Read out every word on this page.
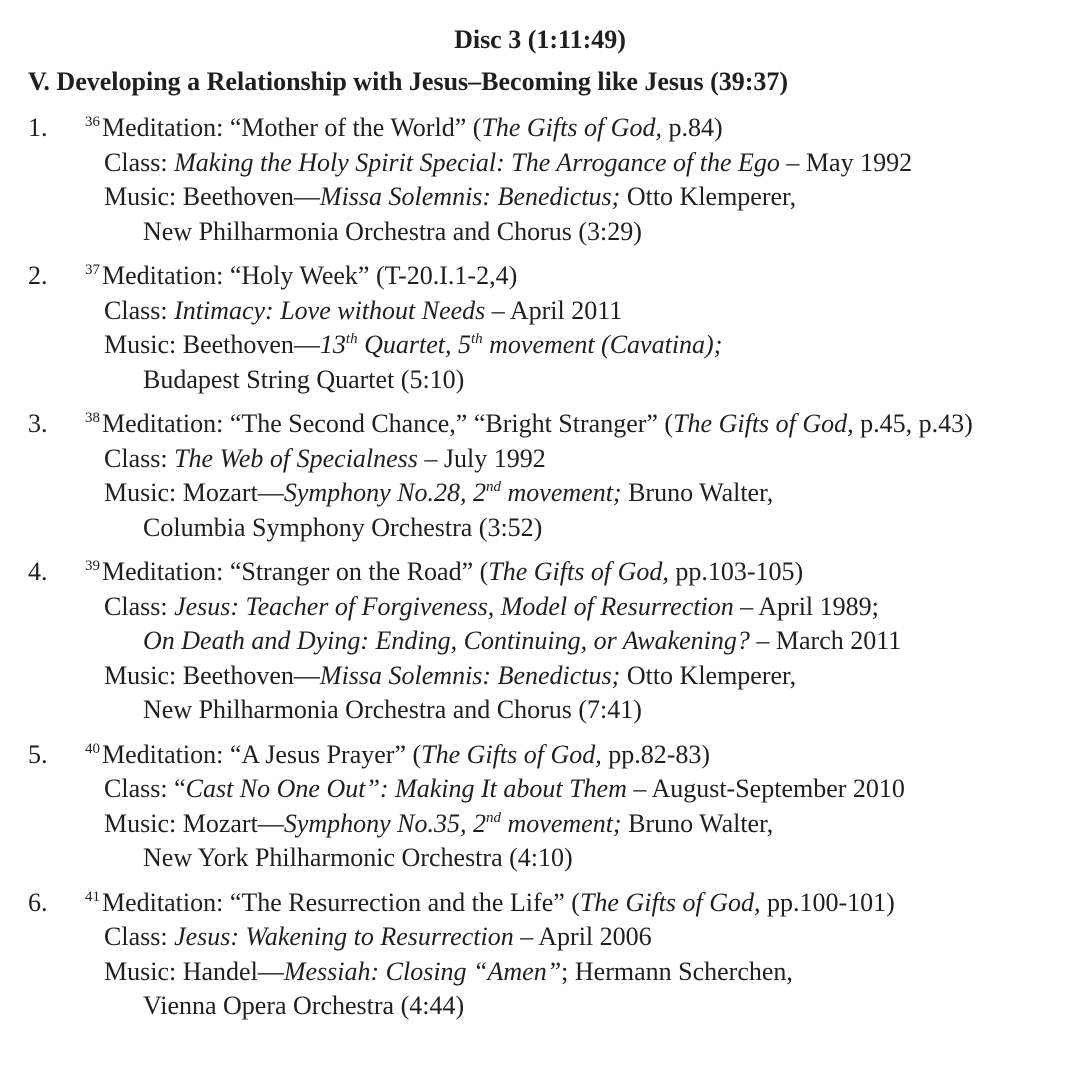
Disc 3 (1:11:49)
V. Developing a Relationship with Jesus–Becoming like Jesus (39:37)
1.	$^{36}$Meditation: “Mother of the World” (The Gifts of God, p.84)
Class: Making the Holy Spirit Special: The Arrogance of the Ego – May 1992
Music: Beethoven—Missa Solemnis: Benedictus; Otto Klemperer,
New Philharmonia Orchestra and Chorus (3:29)
2.	$^{37}$Meditation: “Holy Week” (T-20.I.1-2,4)
Class: Intimacy: Love without Needs – April 2011
Music: Beethoven—13th Quartet, 5th movement (Cavatina);
Budapest String Quartet (5:10)
3.	$^{38}$Meditation: “The Second Chance,” “Bright Stranger” (The Gifts of God, p.45, p.43)
Class: The Web of Specialness – July 1992
Music: Mozart—Symphony No.28, 2nd movement; Bruno Walter,
Columbia Symphony Orchestra (3:52)
4.	$^{39}$Meditation: “Stranger on the Road” (The Gifts of God, pp.103-105)
Class: Jesus: Teacher of Forgiveness, Model of Resurrection – April 1989;
On Death and Dying: Ending, Continuing, or Awakening? – March 2011
Music: Beethoven—Missa Solemnis: Benedictus; Otto Klemperer,
New Philharmonia Orchestra and Chorus (7:41)
5.	$^{40}$Meditation: “A Jesus Prayer” (The Gifts of God, pp.82-83)
Class: “Cast No One Out”: Making It about Them – August-September 2010
Music: Mozart—Symphony No.35, 2nd movement; Bruno Walter,
New York Philharmonic Orchestra (4:10)
6.	$^{41}$Meditation: “The Resurrection and the Life” (The Gifts of God, pp.100-101)
Class: Jesus: Wakening to Resurrection – April 2006
Music: Handel—Messiah: Closing “Amen”; Hermann Scherchen,
Vienna Opera Orchestra (4:44)
